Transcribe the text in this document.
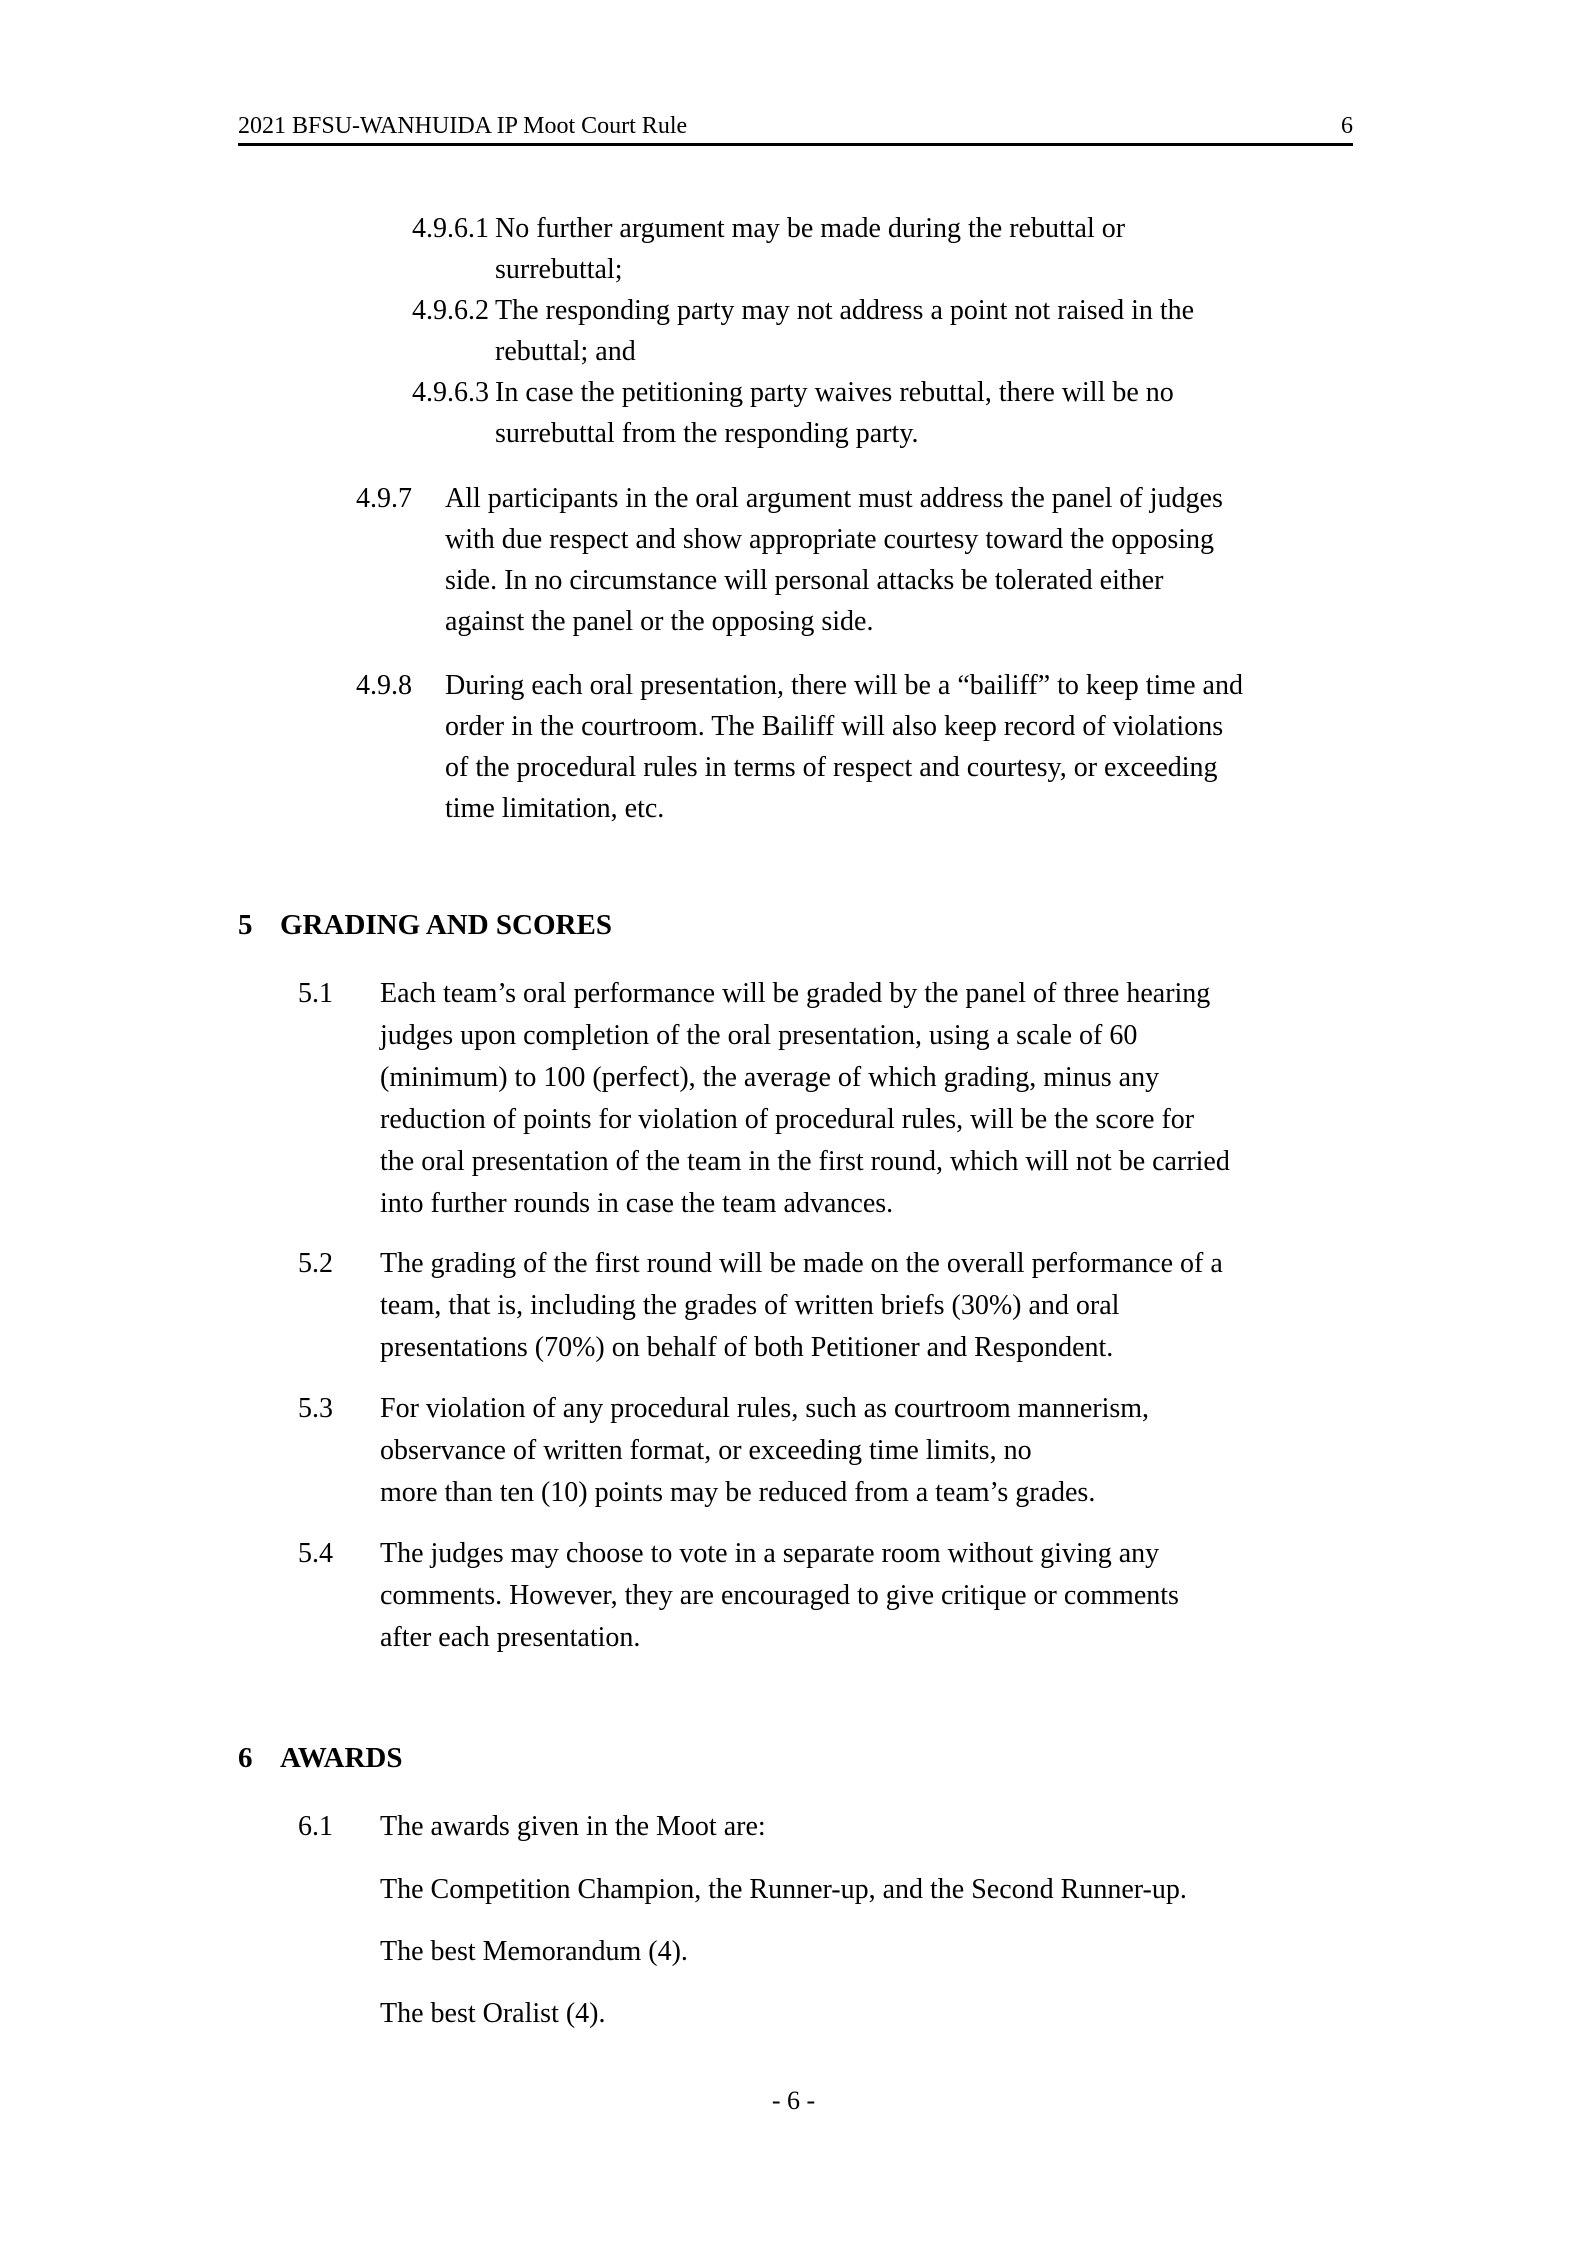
2021 BFSU-WANHUIDA IP Moot Court Rule	6
4.9.6.1 No further argument may be made during the rebuttal or
surrebuttal;
4.9.6.2 The responding party may not address a point not raised in the
rebuttal; and
4.9.6.3 In case the petitioning party waives rebuttal, there will be no
surrebuttal from the responding party.
4.9.7 All participants in the oral argument must address the panel of judges
with due respect and show appropriate courtesy toward the opposing
side. In no circumstance will personal attacks be tolerated either
against the panel or the opposing side.
4.9.8 During each oral presentation, there will be a “bailiff” to keep time and
order in the courtroom. The Bailiff will also keep record of violations
of the procedural rules in terms of respect and courtesy, or exceeding
time limitation, etc.
5 GRADING AND SCORES
5.1 Each team’s oral performance will be graded by the panel of three hearing
judges upon completion of the oral presentation, using a scale of 60
(minimum) to 100 (perfect), the average of which grading, minus any
reduction of points for violation of procedural rules, will be the score for
the oral presentation of the team in the first round, which will not be carried
into further rounds in case the team advances.
5.2 The grading of the first round will be made on the overall performance of a
team, that is, including the grades of written briefs (30%) and oral
presentations (70%) on behalf of both Petitioner and Respondent.
5.3 For violation of any procedural rules, such as courtroom mannerism,
observance of written format, or exceeding time limits, no
more than ten (10) points may be reduced from a team’s grades.
5.4 The judges may choose to vote in a separate room without giving any
comments. However, they are encouraged to give critique or comments
after each presentation.
6 AWARDS
6.1 The awards given in the Moot are:
The Competition Champion, the Runner-up, and the Second Runner-up.
The best Memorandum (4).
The best Oralist (4).
- 6 -
